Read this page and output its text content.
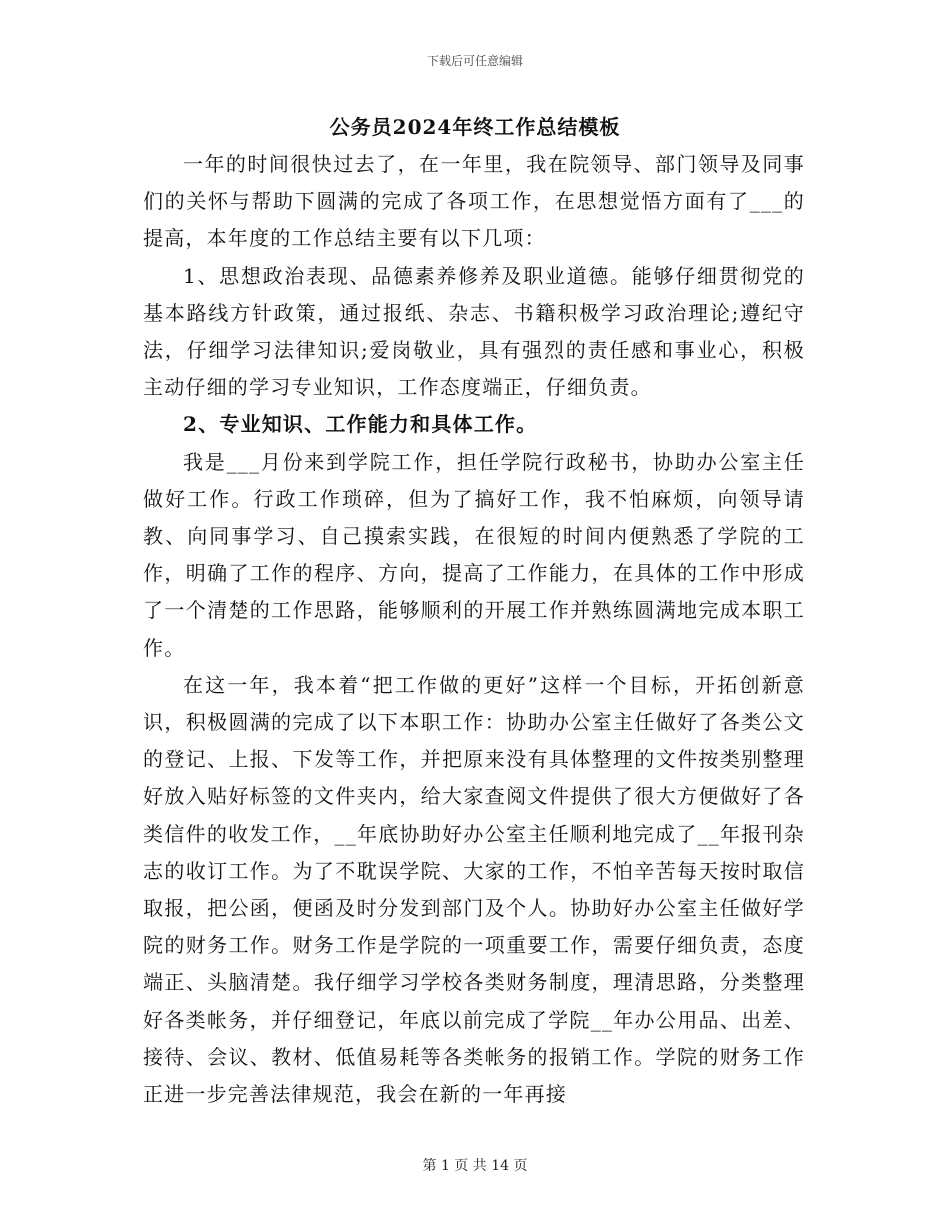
下载后可任意编辑
公务员2024年终工作总结模板

一年的时间很快过去了，在一年里，我在院领导、部门领导及同事们的关怀与帮助下圆满的完成了各项工作，在思想觉悟方面有了___的提高，本年度的工作总结主要有以下几项：

1、思想政治表现、品德素养修养及职业道德。能够仔细贯彻党的基本路线方针政策，通过报纸、杂志、书籍积极学习政治理论;遵纪守法，仔细学习法律知识;爱岗敬业，具有强烈的责任感和事业心，积极主动仔细的学习专业知识，工作态度端正，仔细负责。

2、专业知识、工作能力和具体工作。

我是___月份来到学院工作，担任学院行政秘书，协助办公室主任做好工作。行政工作琐碎，但为了搞好工作，我不怕麻烦，向领导请教、向同事学习、自己摸索实践，在很短的时间内便熟悉了学院的工作，明确了工作的程序、方向，提高了工作能力，在具体的工作中形成了一个清楚的工作思路，能够顺利的开展工作并熟练圆满地完成本职工作。

在这一年，我本着“把工作做的更好”这样一个目标，开拓创新意识，积极圆满的完成了以下本职工作：协助办公室主任做好了各类公文的登记、上报、下发等工作，并把原来没有具体整理的文件按类别整理好放入贴好标签的文件夹内，给大家查阅文件提供了很大方便做好了各类信件的收发工作，__年底协助好办公室主任顺利地完成了__年报刊杂志的收订工作。为了不耽误学院、大家的工作，不怕辛苦每天按时取信取报，把公函，便函及时分发到部门及个人。协助好办公室主任做好学院的财务工作。财务工作是学院的一项重要工作，需要仔细负责，态度端正、头脑清楚。我仔细学习学校各类财务制度，理清思路，分类整理好各类帐务，并仔细登记，年底以前完成了学院__年办公用品、出差、接待、会议、教材、低值易耗等各类帐务的报销工作。学院的财务工作正进一步完善法律规范，我会在新的一年再接

第 1 页 共 14 页
